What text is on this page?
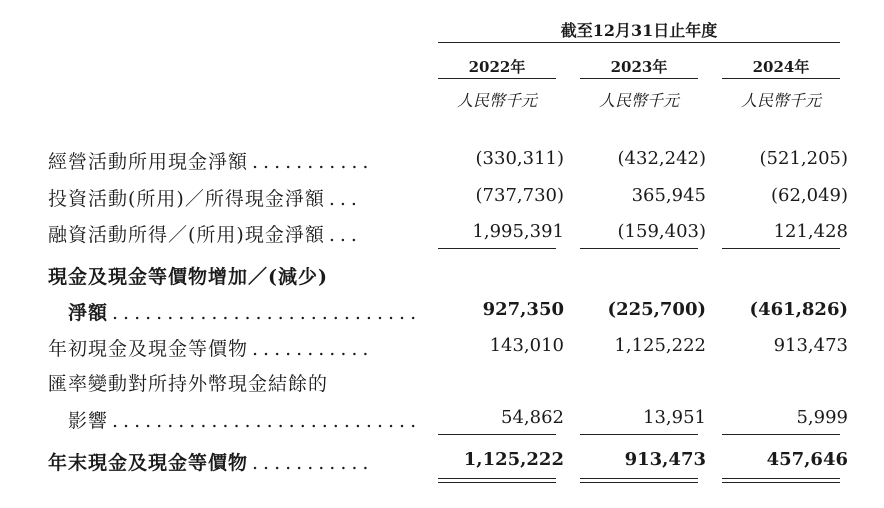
截至12月31日止年度
2022年	2023年	2024年
人民幣千元	人民幣千元	人民幣千元
經營活動所用現金淨額 ...........	(330,311)	(432,242)	(521,205)
投資活動(所用)／所得現金淨額 ...	(737,730)	365,945	(62,049)
融資活動所得／(所用)現金淨額 ...	1,995,391	(159,403)	121,428
現金及現金等價物增加／(減少)
淨額 ............................	927,350	(225,700)	(461,826)
年初現金及現金等價物 ...........	143,010	1,125,222	913,473
匯率變動對所持外幣現金結餘的
影響 ............................	54,862	13,951	5,999
年末現金及現金等價物 ...........	1,125,222	913,473	457,646
